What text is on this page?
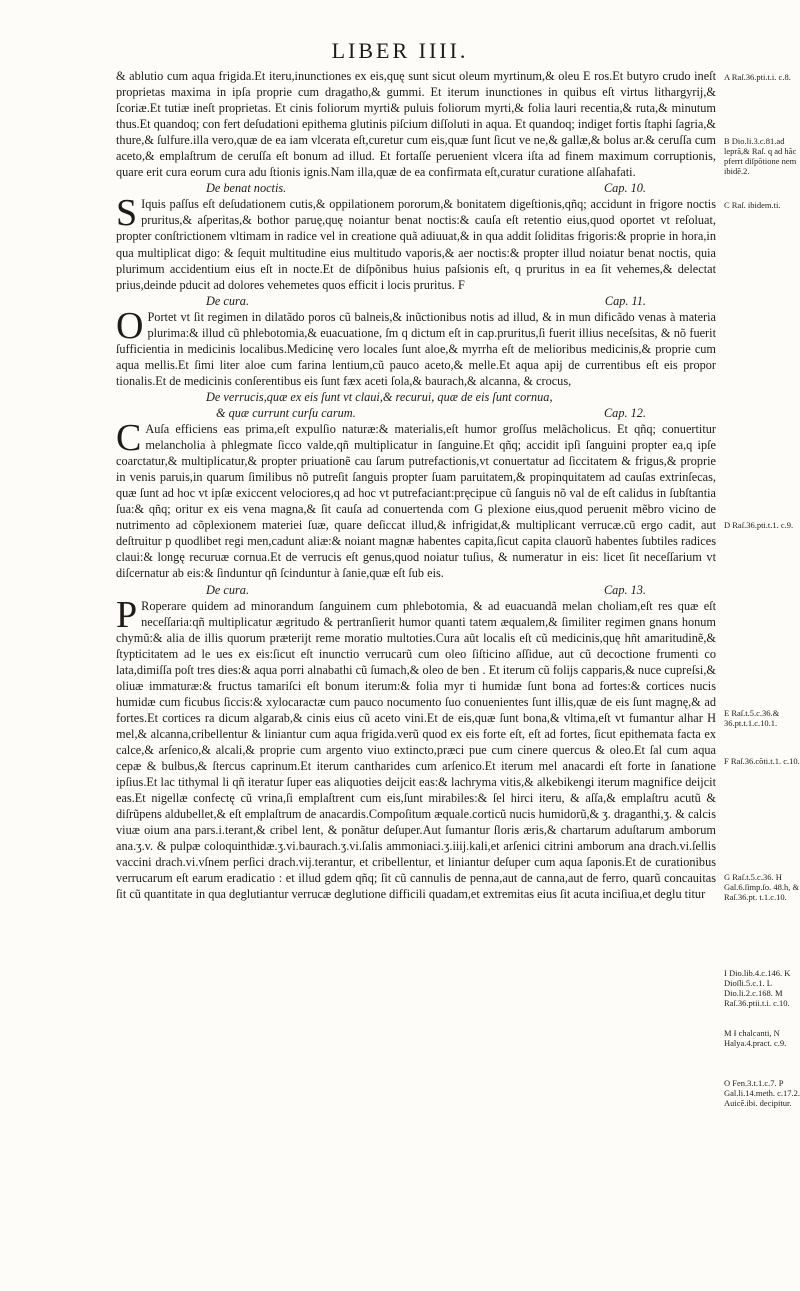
LIBER IIII.

& ablutio cum aqua frigida.Et iteru,inunctiones ex eis,quę sunt sicut oleum myrtinum,& oleu E ros.Et butyro crudo ineſt proprietas maxima in ipſa proprie cum dragatho,& gummi. Et iterum inunctiones in quibus eſt virtus lithargyrij,& ſcoriæ.Et tutiæ ineſt proprietas. Et cinis foliorum myrti& puluis foliorum myrti,& folia lauri recentia,& ruta,& minutum thus.Et quandoq; con fert deſudationi epithema glutinis piſcium diſſoluti in aqua. Et quandoq; indiget fortis ſtaphi ſagria,& thure,& ſulfure.illa vero,quæ de ea iam vlcerata eſt,curetur cum eis,quæ ſunt ſicut ve ne,& gallæ,& bolus ar.& ceruſſa cum aceto,& emplaſtrum de ceruſſa eſt bonum ad illud. Et fortaſſe peruenient vlcera iſta ad finem maximum corruptionis, quare erit cura eorum cura adu ſtionis ignis.Nam illa,quæ de ea confirmata eſt,curatur curatione alſahafati.

De benat noctis.	Cap. 10.

S Iquis paſſus eſt deſudationem cutis,& oppilationem pororum,& bonitatem digeſtionis,qñq; accidunt in frigore noctis pruritus,& aſperitas,& bothor paruę,quę noiantur benat noctis:& cauſa eſt retentio eius,quod oportet vt reſoluat, propter conſtrictionem vltimam in radice vel in creatione quã adiuuat,& in qua addit ſoliditas frigoris:& proprie in hora,in qua multiplicat digo: & ſequit multitudine eius multitudo vaporis,& aer noctis:& propter illud noiatur benat noctis, quia plurimum accidentium eius eſt in nocte.Et de diſpõnibus huius paſsionis eſt, q pruritus in ea ſit vehemes,& delectat prius,deinde pducit ad dolores vehemetes quos efficit i locis pruritus. F

De cura.	Cap. 11.

O Portet vt ſit regimen in dilatãdo poros cũ balneis,& inũctionibus notis ad illud, & in mun dificãdo venas à materia plurima:& illud cũ phlebotomia,& euacuatione, ſm q dictum eſt in cap.pruritus,ſi fuerit illius neceſsitas, & nõ fuerit ſufficientia in medicinis localibus.Medicinę vero locales ſunt aloe,& myrrha eſt de melioribus medicinis,& proprie cum aqua mellis.Et ſimi liter aloe cum farina lentium,cũ pauco aceto,& melle.Et aqua apij de currentibus eſt eis propor tionalis.Et de medicinis conſerentibus eis ſunt fæx aceti ſola,& baurach,& alcanna, & crocus,

De verrucis,quæ ex eis ſunt vt claui,& recurui, quæ de eis ſunt cornua,
& quæ currunt curſu carum.	Cap. 12.

C Auſa efficiens eas prima,eſt expulſio naturæ:& materialis,eſt humor groſſus melãcholicus. Et qñq; conuertitur melancholia à phlegmate ſicco valde,qñ multiplicatur in ſanguine.Et qñq; accidit ipſi ſanguini propter ea,q ipſe coarctatur,& multiplicatur,& propter priuationẽ cau ſarum putrefactionis,vt conuertatur ad ſiccitatem & frigus,& proprie in venis paruis,in quarum ſimilibus nõ putreſit ſanguis propter ſuam paruitatem,& propinquitatem ad cauſas extrinſecas, quæ ſunt ad hoc vt ipſæ exiccent velociores,q ad hoc vt putrefaciant:pręcipue cũ ſanguis nõ val de eſt calidus in ſubſtantia ſua:& qñq; oritur ex eis vena magna,& ſit cauſa ad conuertenda com G plexione eius,quod peruenit mẽbro vicino de nutrimento ad cõplexionem materiei ſuæ, quare deſiccat illud,& infrigidat,& multiplicant verrucæ.cũ ergo cadit, aut deſtruitur p quodlibet regi men,cadunt aliæ:& noiant magnæ habentes capita,ſicut capita clauorũ habentes ſubtiles radices claui:& longę recuruæ cornua.Et de verrucis eſt genus,quod noiatur tuſius, & numeratur in eis: licet ſit neceſſarium vt diſcernatur ab eis:& ſinduntur qñ ſcinduntur à ſanie,quæ eſt ſub eis.

De cura.	Cap. 13.

P Roperare quidem ad minorandum ſanguinem cum phlebotomia, & ad euacuandã melan choliam,eſt res quæ eſt neceſſaria:qñ multiplicatur ægritudo & pertranſierit humor quanti tatem æqualem,& ſimiliter regimen gnans honum chymũ:& alia de illis quorum præterijt reme moratio multoties.Cura aũt localis eſt cũ medicinis,quę hñt amaritudinẽ,& ſtypticitatem ad le ues ex eis:ſicut eſt inunctio verrucarũ cum oleo ſiſticino aſſidue, aut cũ decoctione frumenti co lata,dimiſſa poſt tres dies:& aqua porri alnabathi cũ ſumach,& oleo de ben . Et iterum cũ folijs capparis,& nuce cupreſsi,& oliuæ immaturæ:& fructus tamariſci eſt bonum iterum:& folia myr ti humidæ ſunt bona ad fortes:& cortices nucis humidæ cum ficubus ſiccis:& xylocaractæ cum pauco nocumento ſuo conuenientes ſunt illis,quæ de eis ſunt magnę,& ad fortes.Et cortices ra dicum algarab,& cinis eius cũ aceto vini.Et de eis,quæ ſunt bona,& vltima,eſt vt fumantur alhar H mel,& alcanna,cribellentur & liniantur cum aqua frigida.verũ quod ex eis forte eſt, eſt ad fortes, ſicut epithemata facta ex calce,& arſenico,& alcali,& proprie cum argento viuo extincto,præci pue cum cinere quercus & oleo.Et ſal cum aqua cepæ & bulbus,& ſtercus caprinum.Et iterum cantharides cum arſenico.Et iterum mel anacardi eſt forte in ſanatione ipſius.Et lac tithymal li qñ iteratur ſuper eas aliquoties deijcit eas:& lachryma vitis,& alkebikengi iterum magnifice deijcit eas.Et nigellæ confectę cũ vrina,ſi emplaſtrent cum eis,ſunt mirabiles:& ſel hirci iteru, & aſſa,& emplaſtru acutũ & diſrũpens aldubellet,& eſt emplaſtrum de anacardis.Compoſitum æquale.corticũ nucis humidorũ,& ʒ. draganthi,ʒ. & calcis viuæ oium ana pars.i.terant,& cribel lent, & ponãtur deſuper.Aut ſumantur ſloris æris,& chartarum aduſtarum amborum ana.ʒ.v. & pulpæ coloquinthidæ.ʒ.vi.baurach.ʒ.vi.ſalis ammoniaci.ʒ.iiij.kali,et arſenici citrini amborum ana drach.vi.ſellis vaccini drach.vi.vſnem perſici drach.vij.terantur, et cribellentur, et liniantur deſuper cum aqua ſaponis.Et de curationibus verrucarum eſt earum eradicatio : et illud gdem qñq; ſit cũ cannulis de penna,aut de canna,aut de ferro, quarũ concauitas ſit cũ quantitate in qua deglutiantur verrucæ deglutione difficili quadam,et extremitas eius ſit acuta inciſiua,et deglu titur

A Raſ.36.pti.t.i. c.8.
B Dio.li.3.c.81.ad leprã,& Raſ. q ad hãc pferrt diſpõtione nem ibidẽ.2.
C Raſ. ibidem.ti.
D Raſ.36.pti.t.1. c.9.
E Raſ.t.5.c.36.& 36.pt.t.1.c.10.1.
F Raſ.36.cõti.t.1. c.10.
G Raſ.t.5.c.36. H Gal.6.ſimp.ſo. 48.h, & Raſ.36.pt. t.1.c.10.
I Dio.lib.4.c.146. K Dioſli.5.c.1. L Dio.li.2.c.168. M Raſ.36.ptii.t.i. c.10.
M Ɨ chalcanti, N Halya.4.pract. c.9.
O Fen.3.t.1.c.7. P Gal.li.14.meth. c.17.2. Auicẽ.ibi. decipitur.
